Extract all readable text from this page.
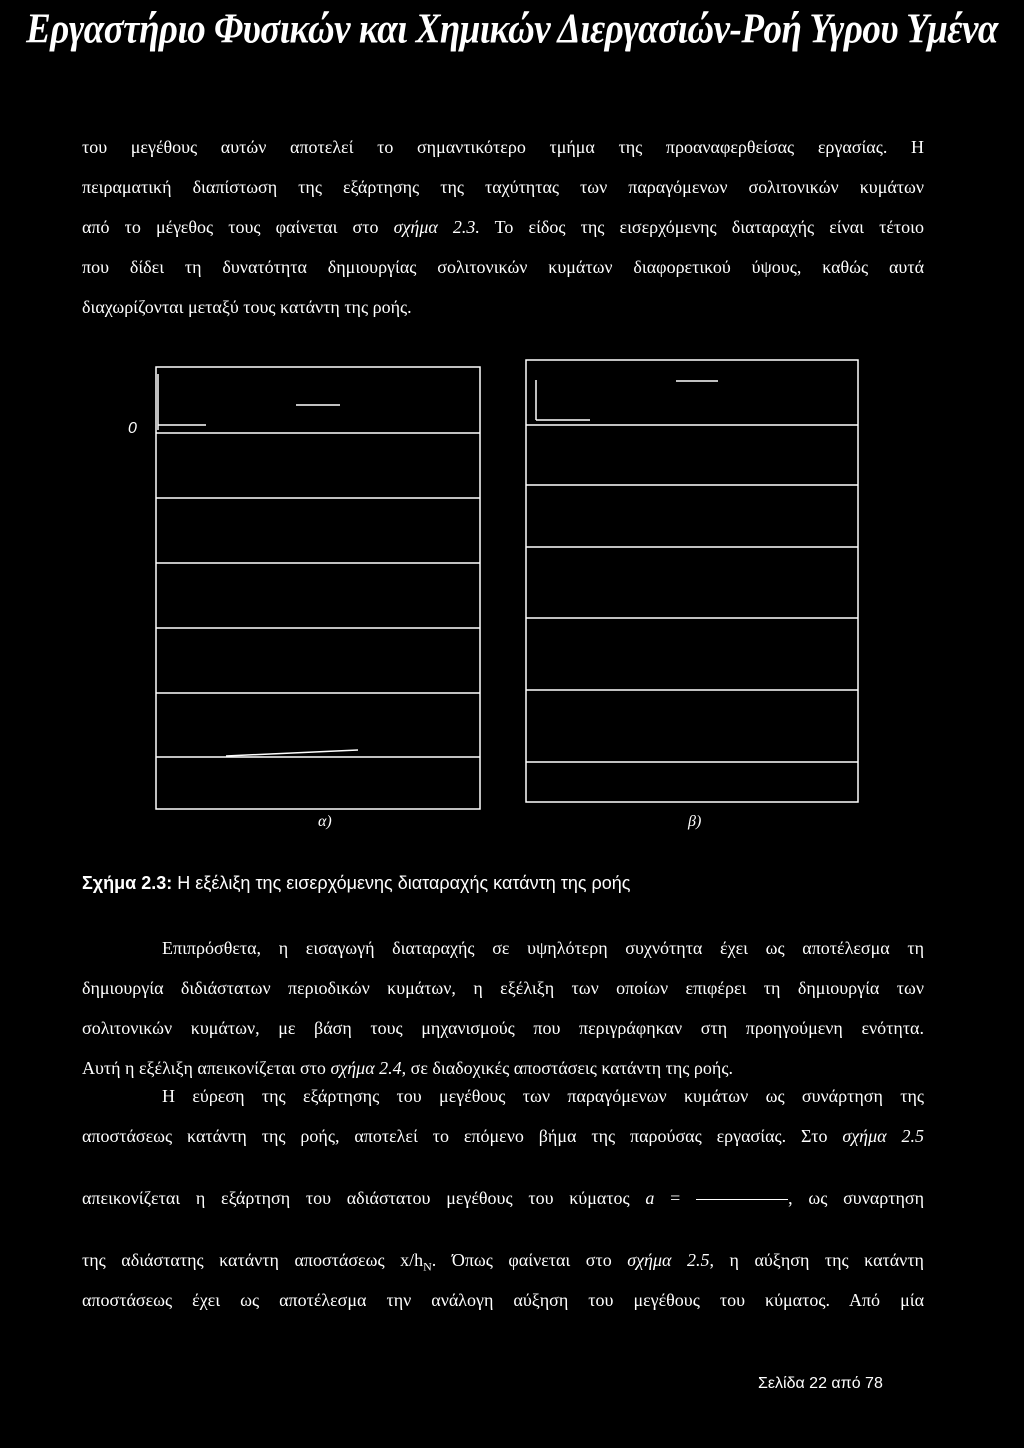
Εργαστήριο Φυσικών και Χημικών Διεργασιών-Ροή Υγρου Υμένα
του μεγέθους αυτών αποτελεί το σημαντικότερο τμήμα της προαναφερθείσας εργασίας. Η
πειραματική διαπίστωση της εξάρτησης της ταχύτητας των παραγόμενων σολιτονικών κυμάτων
από το μέγεθος τους φαίνεται στο σχήμα 2.3. Το είδος της εισερχόμενης διαταραχής είναι τέτοιο
που δίδει τη δυνατότητα δημιουργίας σολιτονικών κυμάτων διαφορετικού ύψους, καθώς αυτά
διαχωρίζονται μεταξύ τους κατάντη της ροής.
0
α)	β)
Σχήμα 2.3: Η εξέλιξη της εισερχόμενης διαταραχής κατάντη της ροής
Επιπρόσθετα, η εισαγωγή διαταραχής σε υψηλότερη συχνότητα έχει ως αποτέλεσμα τη
δημιουργία διδιάστατων περιοδικών κυμάτων, η εξέλιξη των οποίων επιφέρει τη δημιουργία των
σολιτονικών κυμάτων, με βάση τους μηχανισμούς που περιγράφηκαν στη προηγούμενη ενότητα.
Αυτή η εξέλιξη απεικονίζεται στο σχήμα 2.4, σε διαδοχικές αποστάσεις κατάντη της ροής.
Η εύρεση της εξάρτησης του μεγέθους των παραγόμενων κυμάτων ως συνάρτηση της
αποστάσεως κατάντη της ροής, αποτελεί το επόμενο βήμα της παρούσας εργασίας. Στο σχήμα 2.5
απεικονίζεται η εξάρτηση του αδιάστατου μεγέθους του κύματος a =	, ως συναρτηση
της αδιάστατης κατάντη αποστάσεως $x/h_N$. Όπως φαίνεται στο σχήμα 2.5, η αύξηση της κατάντη
αποστάσεως έχει ως αποτέλεσμα την ανάλογη αύξηση του μεγέθους του κύματος. Από μία
Σελίδα 22 από 78
